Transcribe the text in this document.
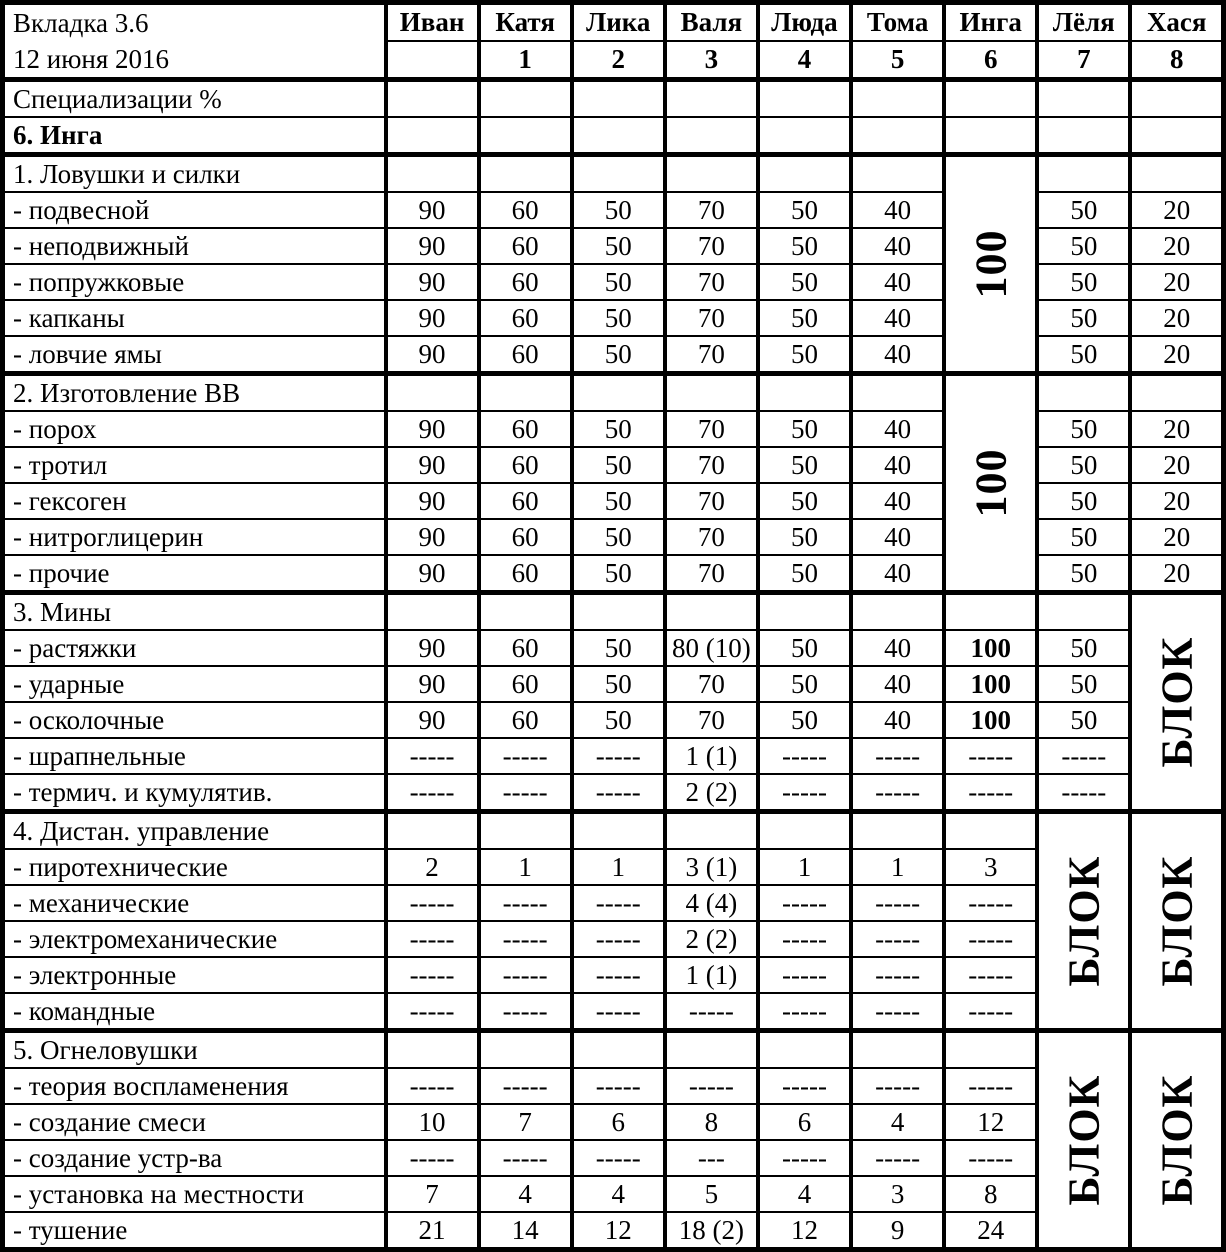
Вкладка 3.6
12 июня 2016	Иван	Катя	Лика	Валя	Люда	Тома	Инга	Лёля	Хася
		1	2	3	4	5	6	7	8
Специализации %									
6. Инга									
1. Ловушки и силки							100		

- подвесной	90	60	50	70	50	40		50	20
- неподвижный	90	60	50	70	50	40		50	20
- попружковые	90	60	50	70	50	40		50	20
- капканы	90	60	50	70	50	40		50	20
- ловчие ямы	90	60	50	70	50	40		50	20
2. Изготовление ВВ							100		

- порох	90	60	50	70	50	40		50	20
- тротил	90	60	50	70	50	40		50	20
- гексоген	90	60	50	70	50	40		50	20
- нитроглицерин	90	60	50	70	50	40		50	20
- прочие	90	60	50	70	50	40		50	20
3. Мины									БЛОК

- растяжки	90	60	50	80 (10)	50	40	100	50	
- ударные	90	60	50	70	50	40	100	50	
- осколочные	90	60	50	70	50	40	100	50	
- шрапнельные	-----	-----	-----	1 (1)	-----	-----	-----	-----	
- термич. и кумулятив.	-----	-----	-----	2 (2)	-----	-----	-----	-----	
4. Дистан. управление								БЛОК	БЛОК

- пиротехнические	2	1	1	3 (1)	1	1	3		
- механические	-----	-----	-----	4 (4)	-----	-----	-----		
- электромеханические	-----	-----	-----	2 (2)	-----	-----	-----		
- электронные	-----	-----	-----	1 (1)	-----	-----	-----		
- командные	-----	-----	-----	-----	-----	-----	-----		
5. Огнеловушки								БЛОК	БЛОК

- теория воспламенения	-----	-----	-----	-----	-----	-----	-----		
- создание смеси	10	7	6	8	6	4	12		
- создание устр-ва	-----	-----	-----	---	-----	-----	-----		
- установка на местности	7	4	4	5	4	3	8		
- тушение	21	14	12	18 (2)	12	9	24		
